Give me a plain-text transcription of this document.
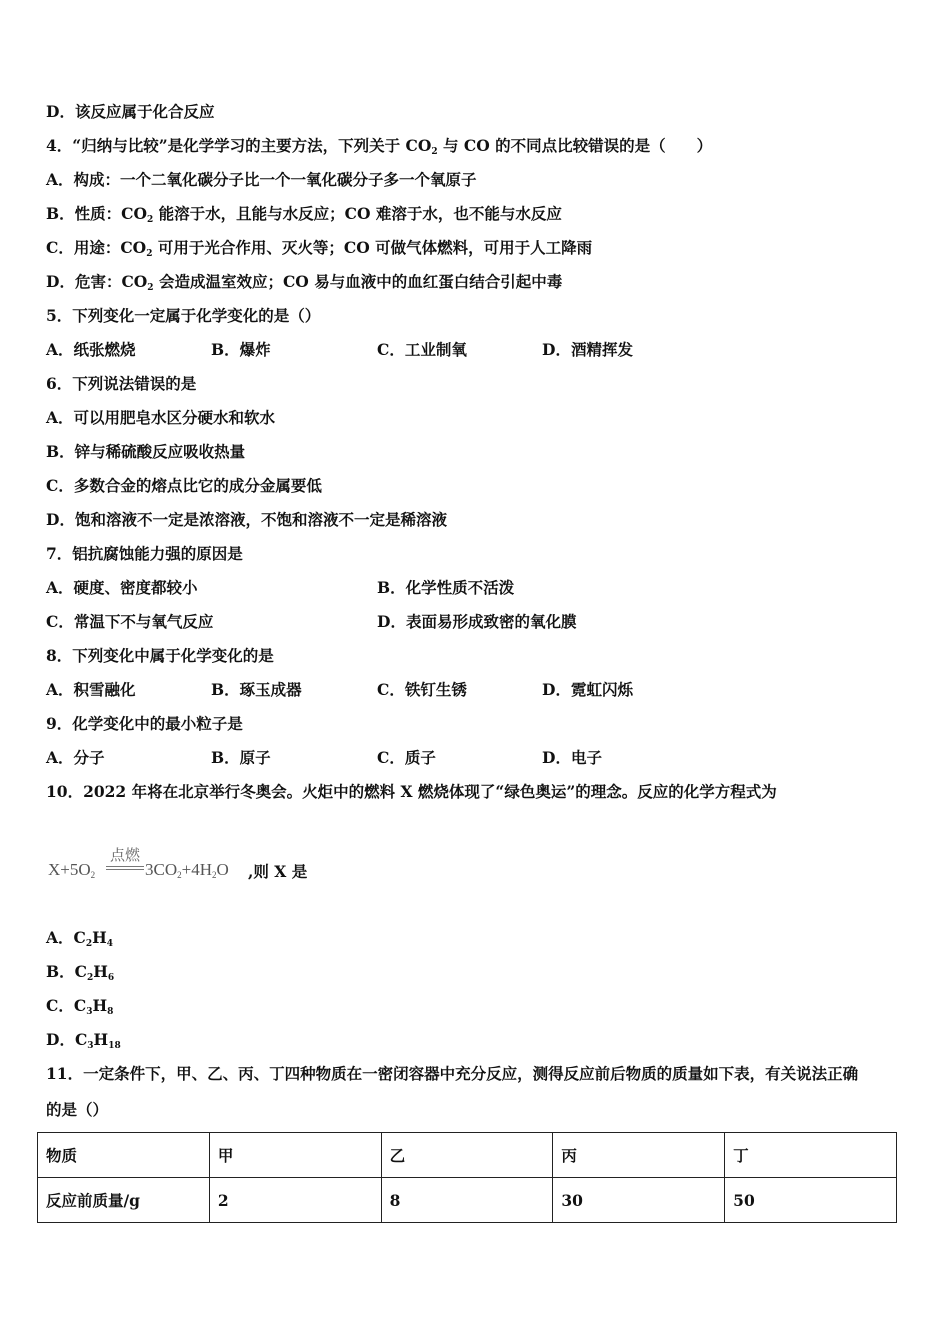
D．该反应属于化合反应
4．“归纳与比较”是化学学习的主要方法，下列关于 $CO_2$ 与 CO 的不同点比较错误的是（　　）
A．构成：一个二氧化碳分子比一个一氧化碳分子多一个氧原子
B．性质：$CO_2$ 能溶于水，且能与水反应；CO 难溶于水，也不能与水反应
C．用途：$CO_2$ 可用于光合作用、灭火等；CO 可做气体燃料，可用于人工降雨
D．危害：$CO_2$ 会造成温室效应；CO 易与血液中的血红蛋白结合引起中毒
5．下列变化一定属于化学变化的是（）
A．纸张燃烧	B．爆炸	C．工业制氧	D．酒精挥发
6．下列说法错误的是
A．可以用肥皂水区分硬水和软水
B．锌与稀硫酸反应吸收热量
C．多数合金的熔点比它的成分金属要低
D．饱和溶液不一定是浓溶液，不饱和溶液不一定是稀溶液
7．铝抗腐蚀能力强的原因是
A．硬度、密度都较小	B．化学性质不活泼
C．常温下不与氧气反应	D．表面易形成致密的氧化膜
8．下列变化中属于化学变化的是
A．积雪融化	B．琢玉成器	C．铁钉生锈	D．霓虹闪烁
9．化学变化中的最小粒子是
A．分子	B．原子	C．质子	D．电子
10．2022 年将在北京举行冬奥会。火炬中的燃料 X 燃烧体现了“绿色奥运”的理念。反应的化学方程式为
$X+5O_2$
点燃
$3CO_2+4H_2O$ ,则 X 是
A．$C_2H_4$
B．$C_2H_6$
C．$C_3H_8$
D．$C_3H_{18}$
11．一定条件下，甲、乙、丙、丁四种物质在一密闭容器中充分反应，测得反应前后物质的质量如下表，有关说法正确
的是（）
物质	甲	乙	丙	丁
反应前质量/g	2	8	30	50
